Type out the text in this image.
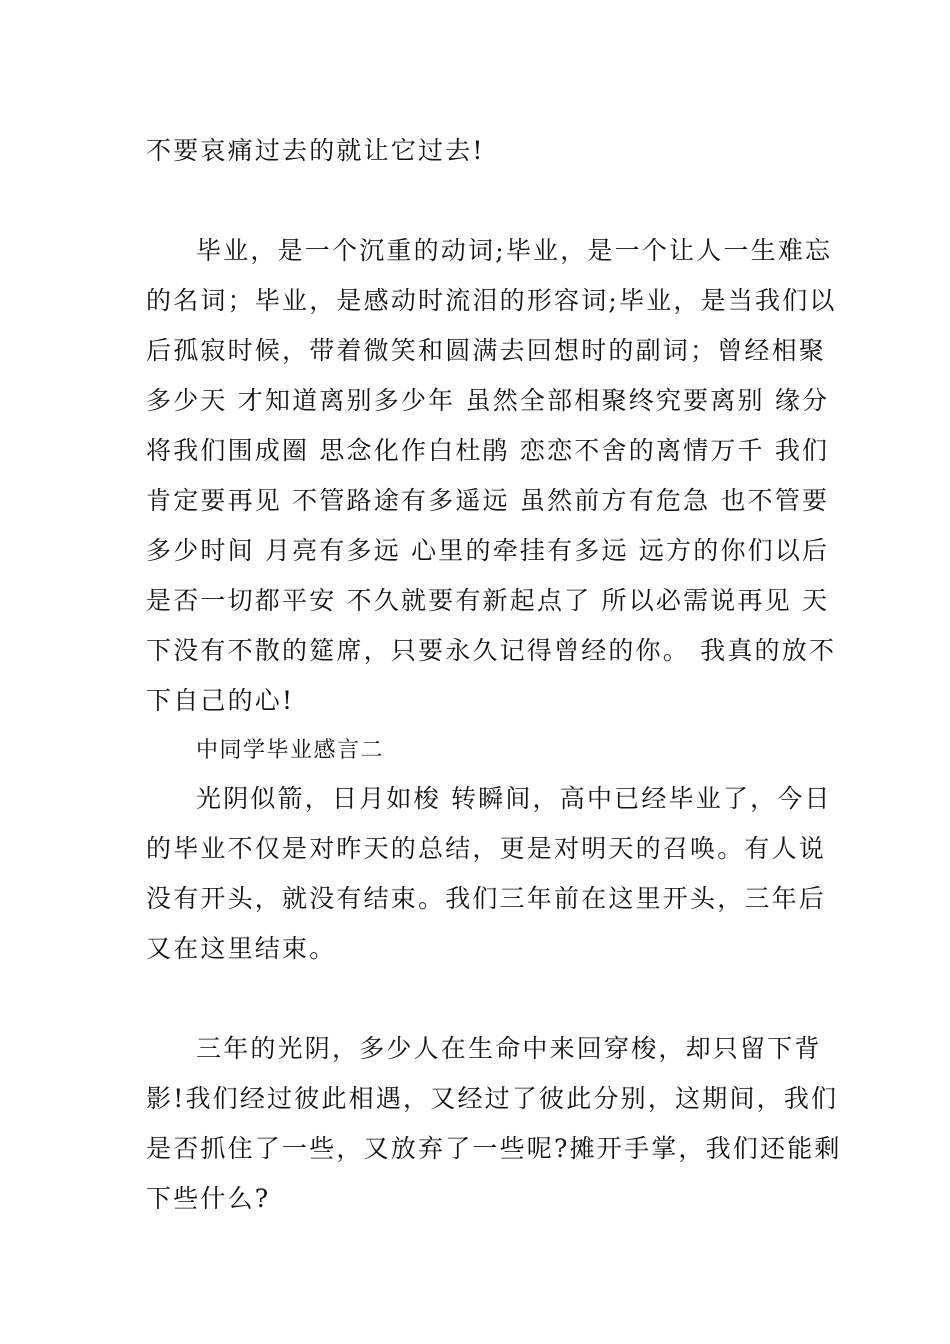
不要哀痛过去的就让它过去!
毕业，是一个沉重的动词;毕业，是一个让人一生难忘
的名词；毕业，是感动时流泪的形容词;毕业，是当我们以
后孤寂时候，带着微笑和圆满去回想时的副词；曾经相聚
多少天 才知道离别多少年 虽然全部相聚终究要离别 缘分
将我们围成圈 思念化作白杜鹃 恋恋不舍的离情万千 我们
肯定要再见 不管路途有多遥远 虽然前方有危急 也不管要
多少时间 月亮有多远 心里的牵挂有多远 远方的你们以后
是否一切都平安 不久就要有新起点了 所以必需说再见 天
下没有不散的筵席，只要永久记得曾经的你。 我真的放不
下自己的心!
中同学毕业感言二
光阴似箭，日月如梭 转瞬间，高中已经毕业了，今日
的毕业不仅是对昨天的总结，更是对明天的召唤。有人说
没有开头，就没有结束。我们三年前在这里开头，三年后
又在这里结束。
三年的光阴，多少人在生命中来回穿梭，却只留下背
影!我们经过彼此相遇，又经过了彼此分别，这期间，我们
是否抓住了一些，又放弃了一些呢?摊开手掌，我们还能剩
下些什么?
